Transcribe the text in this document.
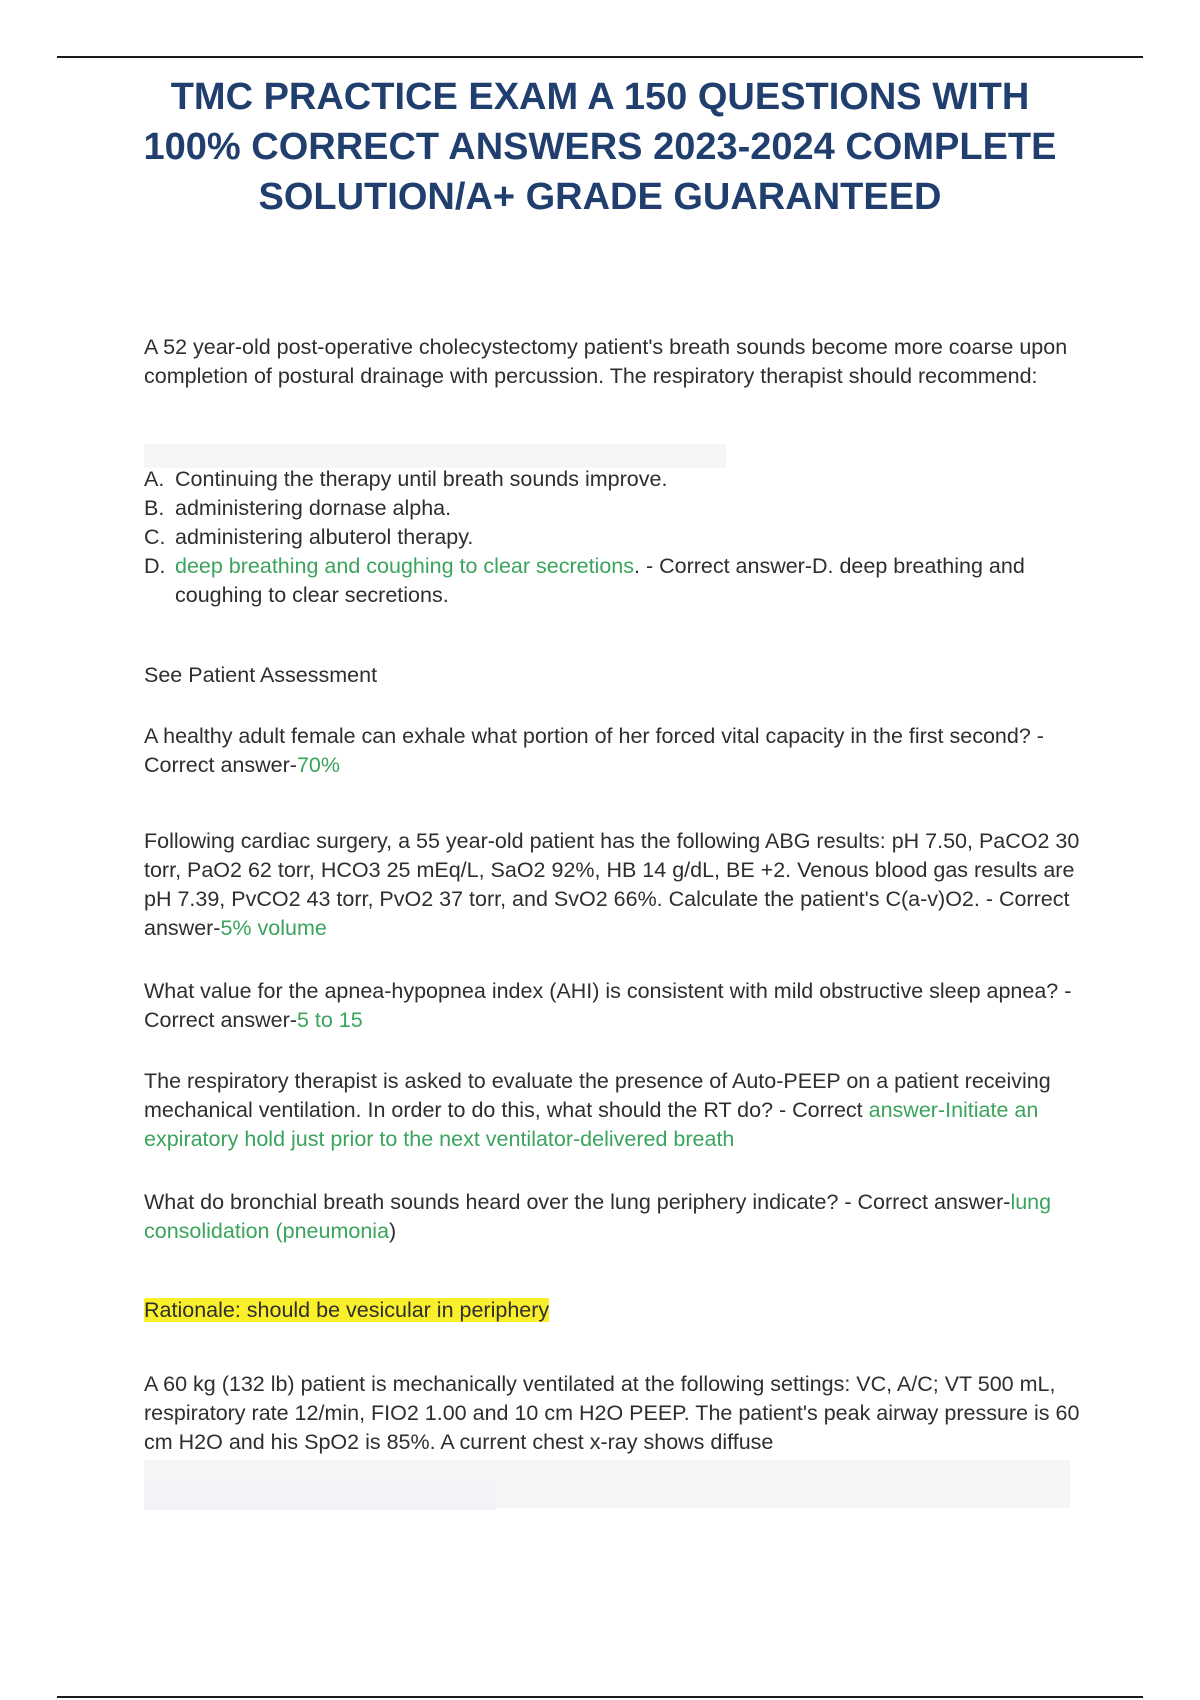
TMC PRACTICE EXAM A 150 QUESTIONS WITH
100% CORRECT ANSWERS 2023-2024 COMPLETE
SOLUTION/A+ GRADE GUARANTEED
A 52 year-old post-operative cholecystectomy patient's breath sounds become more coarse upon completion of postural drainage with percussion. The respiratory therapist should recommend:
A. Continuing the therapy until breath sounds improve.
B. administering dornase alpha.
C. administering albuterol therapy.
D. deep breathing and coughing to clear secretions. - Correct answer-D. deep breathing and coughing to clear secretions.
See Patient Assessment
A healthy adult female can exhale what portion of her forced vital capacity in the first second? - Correct answer-70%
Following cardiac surgery, a 55 year-old patient has the following ABG results: pH 7.50, PaCO2 30 torr, PaO2 62 torr, HCO3 25 mEq/L, SaO2 92%, HB 14 g/dL, BE +2. Venous blood gas results are pH 7.39, PvCO2 43 torr, PvO2 37 torr, and SvO2 66%. Calculate the patient's C(a-v)O2. - Correct answer-5% volume
What value for the apnea-hypopnea index (AHI) is consistent with mild obstructive sleep apnea? - Correct answer-5 to 15
The respiratory therapist is asked to evaluate the presence of Auto-PEEP on a patient receiving mechanical ventilation. In order to do this, what should the RT do? - Correct answer-Initiate an expiratory hold just prior to the next ventilator-delivered breath
What do bronchial breath sounds heard over the lung periphery indicate? - Correct answer-lung consolidation (pneumonia)
Rationale: should be vesicular in periphery
A 60 kg (132 lb) patient is mechanically ventilated at the following settings: VC, A/C; VT 500 mL, respiratory rate 12/min, FIO2 1.00 and 10 cm H2O PEEP. The patient's peak airway pressure is 60 cm H2O and his SpO2 is 85%. A current chest x-ray shows diffuse
